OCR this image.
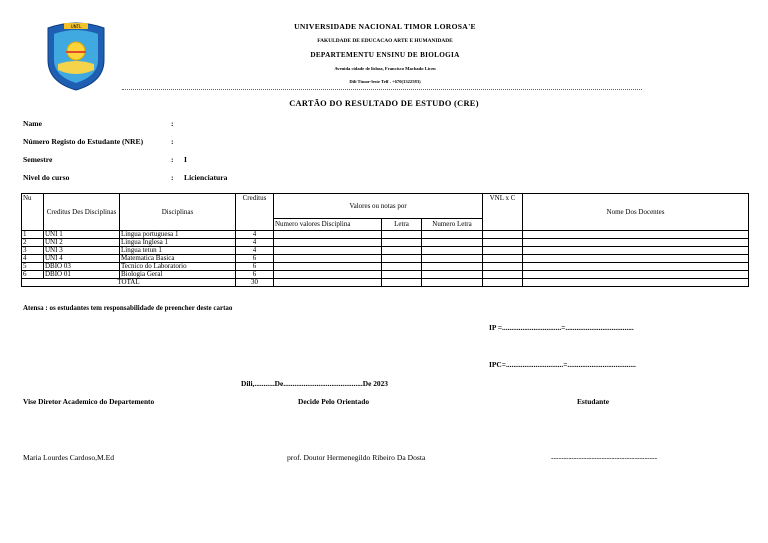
UNTL	UNIVERSIDADE NACIONAL TIMOR LOROSA'E
FAKULDADE DE EDUCACAO ARTE E HUMANIDADE
DEPARTEMENTU ENSINU DE BIOLOGIA
Avenida cidade de lisboa, Francisco Machado Licen
Dili Timor-leste Telf . +670(3322583)
CARTÃO DO RESULTADO DE ESTUDO (CRE)
Name	:
Número Registo do Estudante (NRE)	:
Semestre	: I
Nivel do curso	: Licienciatura
Nu	Creditus Des Disciplinas	Disciplinas	Creditus	Valores ou notas por			VNL x C	Nome Dos Docentes
				Numero valores Disciplina	Letra	Numero Letra		
1	UNI 1	Lingua portuguesa 1	4					
2	UNI 2	Lingua Inglesa 1	4					
3	UNI 3	Lingua tetun 1	4					
4	UNI 4	Matematica Basica	6					
5	DBIO 03	Tecnico do Laboratorio	6					
6	DBIO 01	Biologia Geral	6					
TOTAL			30					
Atensa : os estudantes tem responsabilidade de preencher deste cartao
IP =................................=.....................................
IPC=...............................=.....................................
Dili,...........De...........................................De 2023
Vise Diretor Academico do Departemento	Decide Pelo Orientado	Estudante
Maria Lourdes Cardoso,M.Ed	prof. Doutor Hermenegildo Ribeiro Da Dosta	------------------------------------------
